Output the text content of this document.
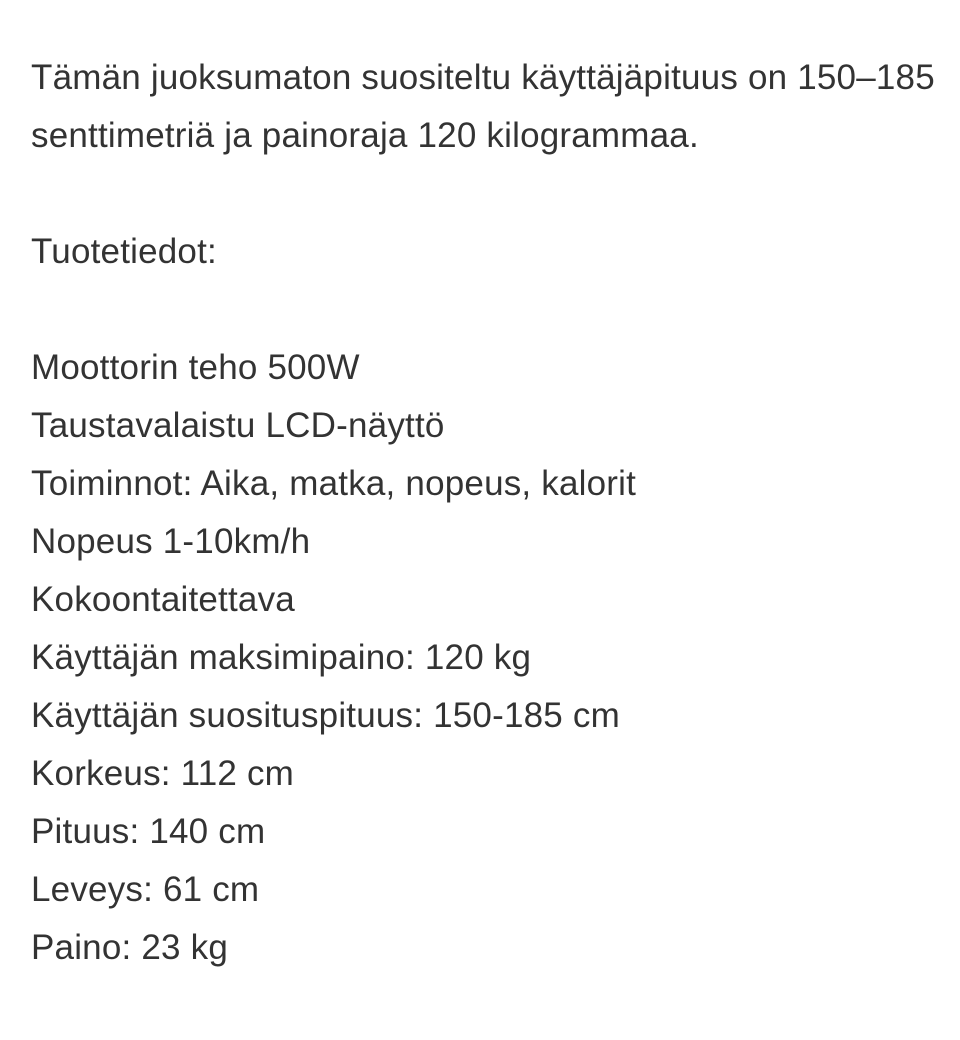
Tämän juoksumaton suositeltu käyttäjäpituus on 150–185 senttimetriä ja painoraja 120 kilogrammaa.

Tuotetiedot:

Moottorin teho 500W

Taustavalaistu LCD-näyttö

Toiminnot: Aika, matka, nopeus, kalorit

Nopeus 1-10km/h

Kokoontaitettava

Käyttäjän maksimipaino: 120 kg

Käyttäjän suosituspituus: 150-185 cm

Korkeus: 112 cm

Pituus: 140 cm

Leveys: 61 cm

Paino: 23 kg
